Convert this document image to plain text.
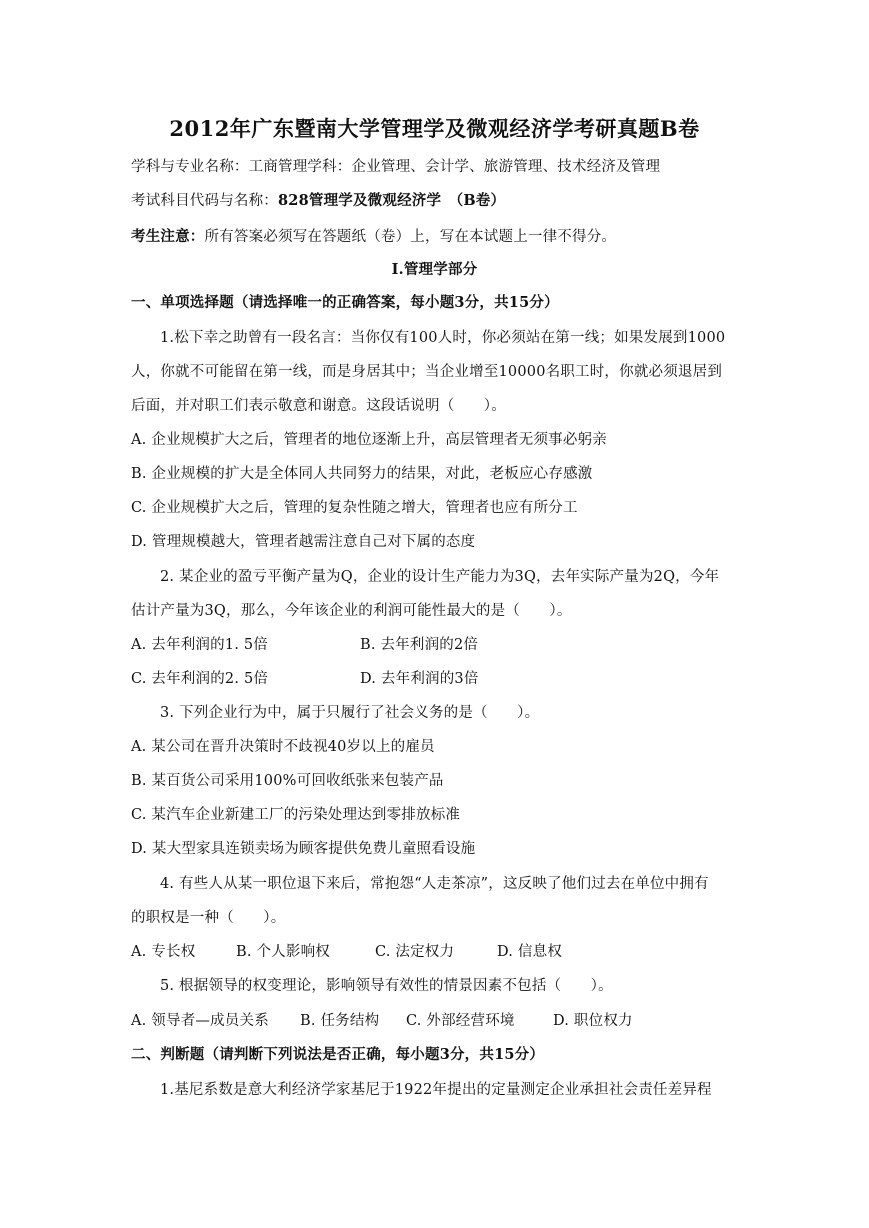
2012年广东暨南大学管理学及微观经济学考研真题B卷
学科与专业名称：工商管理学科：企业管理、会计学、旅游管理、技术经济及管理
考试科目代码与名称：828管理学及微观经济学　（B卷）
考生注意：所有答案必须写在答题纸（卷）上，写在本试题上一律不得分。
Ⅰ.管理学部分
一、单项选择题（请选择唯一的正确答案，每小题3分，共15分）
1.松下幸之助曾有一段名言：当你仅有100人时，你必须站在第一线；如果发展到1000
人，你就不可能留在第一线，而是身居其中；当企业增至10000名职工时，你就必须退居到
后面，并对职工们表示敬意和谢意。这段话说明（　　）。
A. 企业规模扩大之后，管理者的地位逐渐上升，高层管理者无须事必躬亲
B. 企业规模的扩大是全体同人共同努力的结果，对此，老板应心存感激
C. 企业规模扩大之后，管理的复杂性随之增大，管理者也应有所分工
D. 管理规模越大，管理者越需注意自己对下属的态度
2. 某企业的盈亏平衡产量为Q，企业的设计生产能力为3Q，去年实际产量为2Q，今年
估计产量为3Q，那么，今年该企业的利润可能性最大的是（　　）。
A. 去年利润的1. 5倍	B. 去年利润的2倍
C. 去年利润的2. 5倍	D. 去年利润的3倍
3. 下列企业行为中，属于只履行了社会义务的是（　　）。
A. 某公司在晋升决策时不歧视40岁以上的雇员
B. 某百货公司采用100%可回收纸张来包装产品
C. 某汽车企业新建工厂的污染处理达到零排放标准
D. 某大型家具连锁卖场为顾客提供免费儿童照看设施
4. 有些人从某一职位退下来后，常抱怨“人走茶凉”，这反映了他们过去在单位中拥有
的职权是一种（　　）。
A. 专长权	B. 个人影响权	C. 法定权力	D. 信息权
5. 根据领导的权变理论，影响领导有效性的情景因素不包括（　　）。
A. 领导者—成员关系 B. 任务结构 C. 外部经营环境	D. 职位权力
二、判断题（请判断下列说法是否正确，每小题3分，共15分）
1.基尼系数是意大利经济学家基尼于1922年提出的定量测定企业承担社会责任差异程
